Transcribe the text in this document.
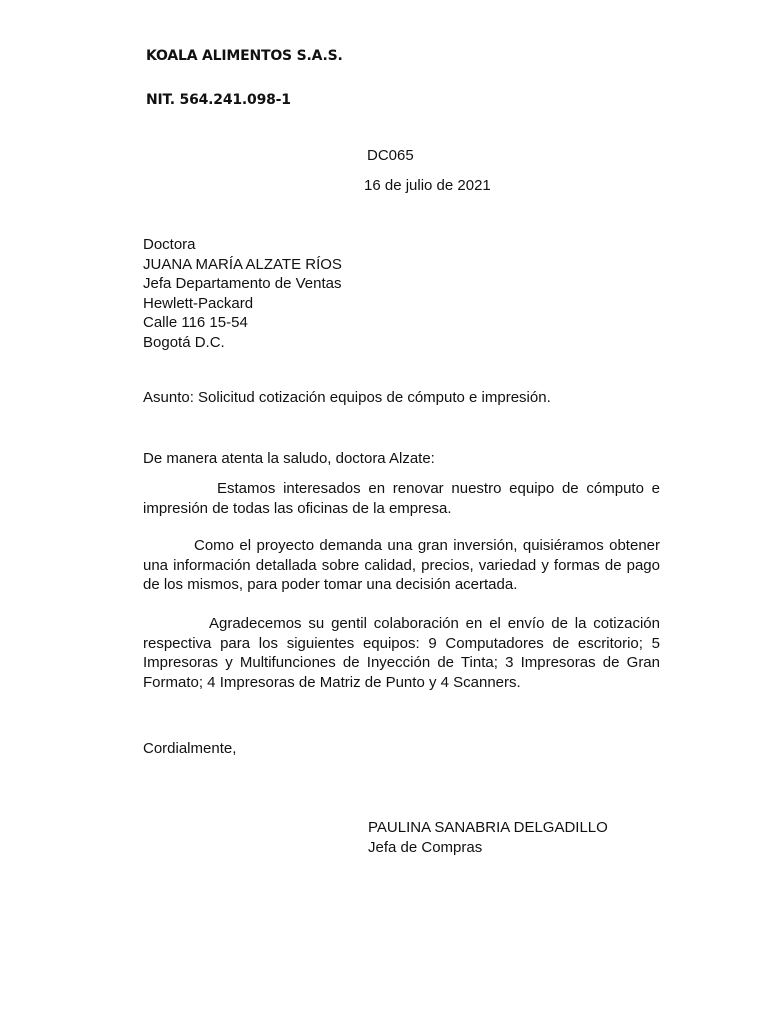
KOALA ALIMENTOS S.A.S.
NIT. 564.241.098-1
DC065
16 de julio de 2021
Doctora
JUANA MARÍA ALZATE RÍOS
Jefa Departamento de Ventas
Hewlett-Packard
Calle 116 15-54
Bogotá D.C.
Asunto: Solicitud cotización equipos de cómputo e impresión.
De manera atenta la saludo, doctora Alzate:
Estamos interesados en renovar nuestro equipo de cómputo e impresión de todas las oficinas de la empresa.
Como el proyecto demanda una gran inversión, quisiéramos obtener una información detallada sobre calidad, precios, variedad y formas de pago de los mismos, para poder tomar una decisión acertada.
Agradecemos su gentil colaboración en el envío de la cotización respectiva para los siguientes equipos: 9 Computadores de escritorio; 5 Impresoras y Multifunciones de Inyección de Tinta; 3 Impresoras de Gran Formato; 4 Impresoras de Matriz de Punto y 4 Scanners.
Cordialmente,
PAULINA SANABRIA DELGADILLO
Jefa de Compras
